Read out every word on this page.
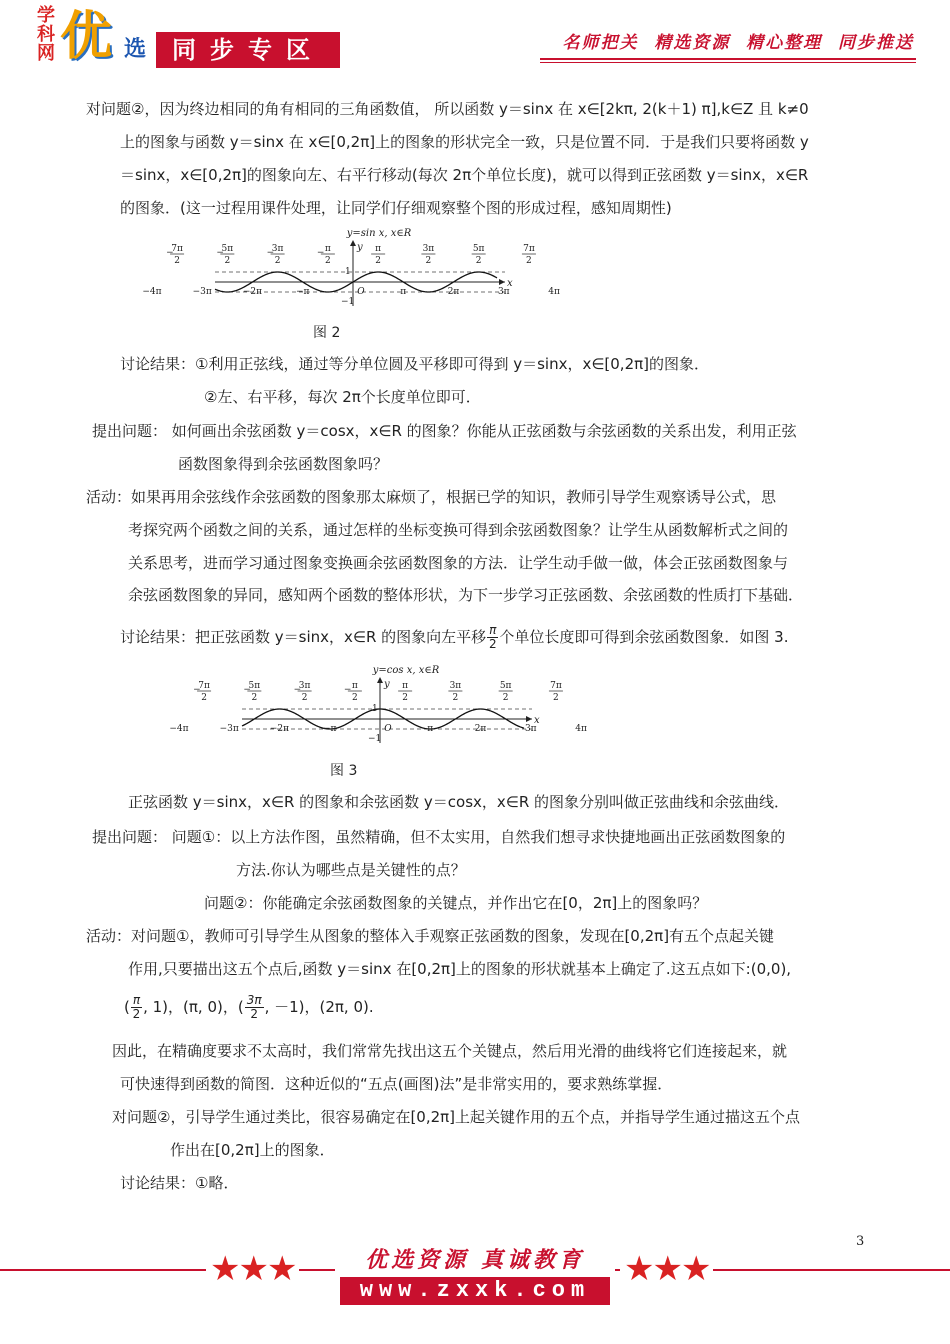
学科网 优 选	同步专区	名师把关  精选资源  精心整理  同步推送
对问题②，因为终边相同的角有相同的三角函数值， 所以函数 y＝sinx 在 x∈[2kπ, 2(k＋1) π],k∈Z 且 k≠0
上的图象与函数 y＝sinx 在 x∈[0,2π]上的图象的形状完全一致，只是位置不同．于是我们只要将函数 y
＝sinx，x∈[0,2π]的图象向左、右平行移动(每次 2π个单位长度)，就可以得到正弦函数 y＝sinx，x∈R
的图象．(这一过程用课件处理，让同学们仔细观察整个图的形成过程，感知周期性)
y=sin x, x∈R
y
x
1
−1
−
7π
2
−
5π
2
−
3π
2
− π
2
π
2
3π
2
5π
2
7π
2
−4π	−3π	−2π	−π	O	π	2π	3π	4π
图 2
讨论结果：①利用正弦线，通过等分单位圆及平移即可得到 y＝sinx，x∈[0,2π]的图象．
②左、右平移，每次 2π个长度单位即可．
提出问题： 如何画出余弦函数 y＝cosx，x∈R 的图象？你能从正弦函数与余弦函数的关系出发，利用正弦
函数图象得到余弦函数图象吗？
活动：如果再用余弦线作余弦函数的图象那太麻烦了，根据已学的知识，教师引导学生观察诱导公式，思
考探究两个函数之间的关系，通过怎样的坐标变换可得到余弦函数图象？让学生从函数解析式之间的
关系思考，进而学习通过图象变换画余弦函数图象的方法．让学生动手做一做，体会正弦函数图象与
余弦函数图象的异同，感知两个函数的整体形状，为下一步学习正弦函数、余弦函数的性质打下基础．
讨论结果：把正弦函数 y＝sinx，x∈R 的图象向左平移 $\frac{\pi}{2}$ 个单位长度即可得到余弦函数图象．如图 3.
y=cos x, x∈R
y
x
1
−1
−
7π
2
−
5π
2
−
3π
2
− π
2
π
2
3π
2
5π
2
7π
2
−4π	−3π	−2π	−π	O	π	2π	3π	4π
图 3
正弦函数 y＝sinx，x∈R 的图象和余弦函数 y＝cosx，x∈R 的图象分别叫做正弦曲线和余弦曲线．
提出问题： 问题①：以上方法作图，虽然精确，但不太实用，自然我们想寻求快捷地画出正弦函数图象的
方法.你认为哪些点是关键性的点？
问题②：你能确定余弦函数图象的关键点，并作出它在[0，2π]上的图象吗？
活动：对问题①，教师可引导学生从图象的整体入手观察正弦函数的图象，发现在[0,2π]有五个点起关键
作用,只要描出这五个点后,函数 y＝sinx 在[0,2π]上的图象的形状就基本上确定了.这五点如下:(0,0),
( $\frac{\pi}{2}$ , 1)，(π, 0)，( $\frac{3\pi}{2}$ , －1)，(2π, 0).
因此，在精确度要求不太高时，我们常常先找出这五个关键点，然后用光滑的曲线将它们连接起来，就
可快速得到函数的简图．这种近似的“五点(画图)法”是非常实用的，要求熟练掌握．
对问题②，引导学生通过类比，很容易确定在[0,2π]上起关键作用的五个点，并指导学生通过描这五个点
作出在[0,2π]上的图象．
讨论结果：①略．
3
★★★	优选资源 真诚教育	★★★
www.zxxk.com
